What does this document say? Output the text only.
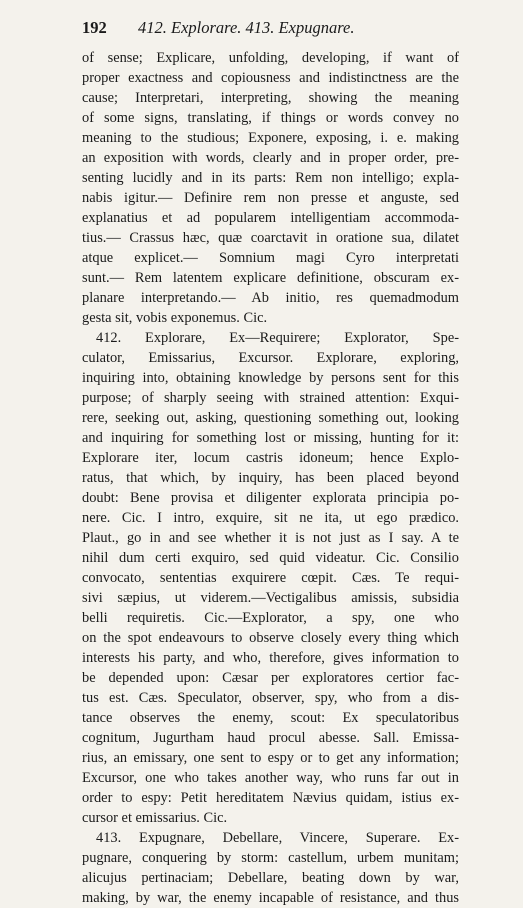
192 412. Explorare. 413. Expugnare.
of sense; Explicare, unfolding, developing, if want of
proper exactness and copiousness and indistinctness are the
cause; Interpretari, interpreting, showing the meaning
of some signs, translating, if things or words convey no
meaning to the studious; Exponere, exposing, i. e. making
an exposition with words, clearly and in proper order, pre-
senting lucidly and in its parts: Rem non intelligo; expla-
nabis igitur.— Definire rem non presse et anguste, sed
explanatius et ad popularem intelligentiam accommoda-
tius.— Crassus hæc, quæ coarctavit in oratione sua, dilatet
atque explicet.— Somnium magi Cyro interpretati
sunt.— Rem latentem explicare definitione, obscuram ex-
planare interpretando.— Ab initio, res quemadmodum
gesta sit, vobis exponemus. Cic.
412. Explorare, Ex—Requirere; Explorator, Spe-
culator, Emissarius, Excursor. Explorare, exploring,
inquiring into, obtaining knowledge by persons sent for this
purpose; of sharply seeing with strained attention: Exqui-
rere, seeking out, asking, questioning something out, looking
and inquiring for something lost or missing, hunting for it:
Explorare iter, locum castris idoneum; hence Explo-
ratus, that which, by inquiry, has been placed beyond
doubt: Bene provisa et diligenter explorata principia po-
nere. Cic. I intro, exquire, sit ne ita, ut ego prædico.
Plaut., go in and see whether it is not just as I say. A te
nihil dum certi exquiro, sed quid videatur. Cic. Consilio
convocato, sententias exquirere cœpit. Cæs. Te requi-
sivi sæpius, ut viderem.—Vectigalibus amissis, subsidia
belli requiretis. Cic.—Explorator, a spy, one who
on the spot endeavours to observe closely every thing which
interests his party, and who, therefore, gives information to
be depended upon: Cæsar per exploratores certior fac-
tus est. Cæs. Speculator, observer, spy, who from a dis-
tance observes the enemy, scout: Ex speculatoribus
cognitum, Jugurtham haud procul abesse. Sall. Emissa-
rius, an emissary, one sent to espy or to get any information;
Excursor, one who takes another way, who runs far out in
order to espy: Petit hereditatem Nævius quidam, istius ex-
cursor et emissarius. Cic.
413. Expugnare, Debellare, Vincere, Superare. Ex-
pugnare, conquering by storm: castellum, urbem munitam;
alicujus pertinaciam; Debellare, beating down by war,
making, by war, the enemy incapable of resistance, and thus
